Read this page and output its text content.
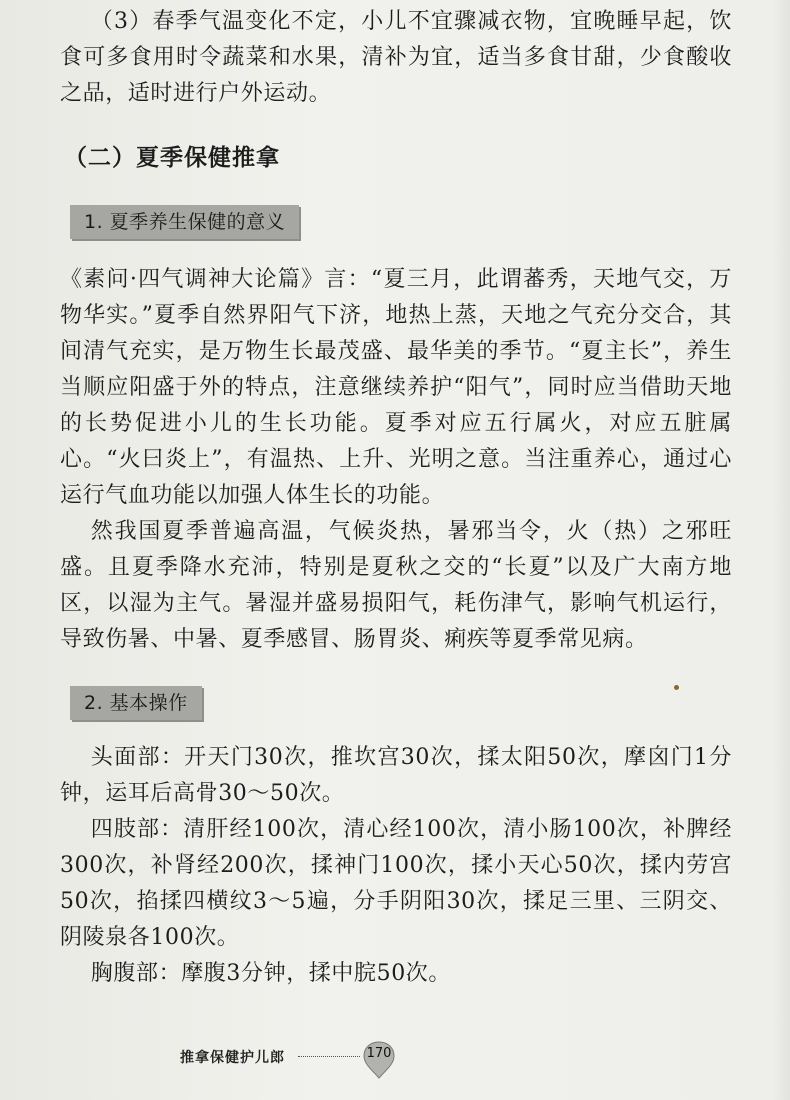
（3）春季气温变化不定，小儿不宜骤减衣物，宜晚睡早起，饮食可多食用时令蔬菜和水果，清补为宜，适当多食甘甜，少食酸收之品，适时进行户外运动。

（二）夏季保健推拿
1. 夏季养生保健的意义

《素问·四气调神大论篇》言：“夏三月，此谓蕃秀，天地气交，万物华实。”夏季自然界阳气下济，地热上蒸，天地之气充分交合，其间清气充实，是万物生长最茂盛、最华美的季节。“夏主长”，养生当顺应阳盛于外的特点，注意继续养护“阳气”，同时应当借助天地的长势促进小儿的生长功能。夏季对应五行属火，对应五脏属心。“火曰炎上”，有温热、上升、光明之意。当注重养心，通过心运行气血功能以加强人体生长的功能。

然我国夏季普遍高温，气候炎热，暑邪当令，火（热）之邪旺盛。且夏季降水充沛，特别是夏秋之交的“长夏”以及广大南方地区，以湿为主气。暑湿并盛易损阳气，耗伤津气，影响气机运行，导致伤暑、中暑、夏季感冒、肠胃炎、痢疾等夏季常见病。

2. 基本操作

头面部：开天门30次，推坎宫30次，揉太阳50次，摩囟门1分钟，运耳后高骨30～50次。

四肢部：清肝经100次，清心经100次，清小肠100次，补脾经300次，补肾经200次，揉神门100次，揉小天心50次，揉内劳宫50次，掐揉四横纹3～5遍，分手阴阳30次，揉足三里、三阴交、阴陵泉各100次。

胸腹部：摩腹3分钟，揉中脘50次。

推拿保健护儿郎	170
